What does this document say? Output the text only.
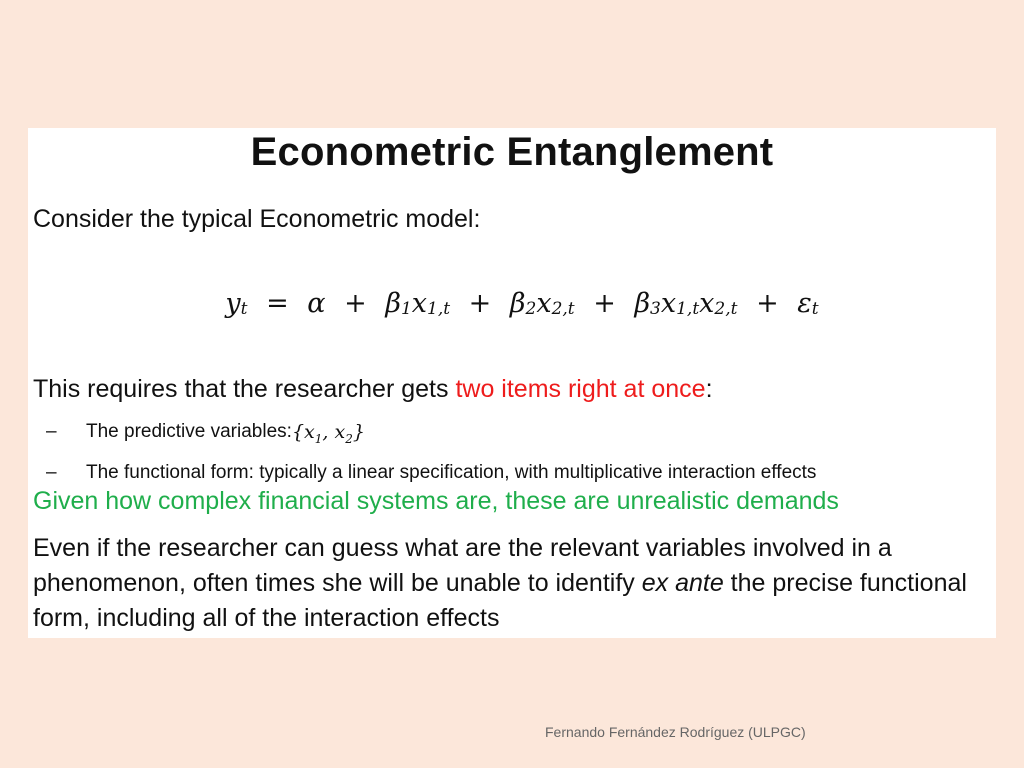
Econometric Entanglement
Consider the typical Econometric model:
$y_t = \alpha + \beta_1x_{1,t} + \beta_2x_{2,t} + \beta_3x_{1,t}x_{2,t} + \varepsilon_t$
This requires that the researcher gets two items right at once:
–	The predictive variables: {$x_1$, $x_2$}
–	The functional form: typically a linear specification, with multiplicative interaction effects
Given how complex financial systems are, these are unrealistic demands
Even if the researcher can guess what are the relevant variables involved in a phenomenon, often times she will be unable to identify ex ante the precise functional form, including all of the interaction effects
Fernando Fernández Rodríguez (ULPGC)
